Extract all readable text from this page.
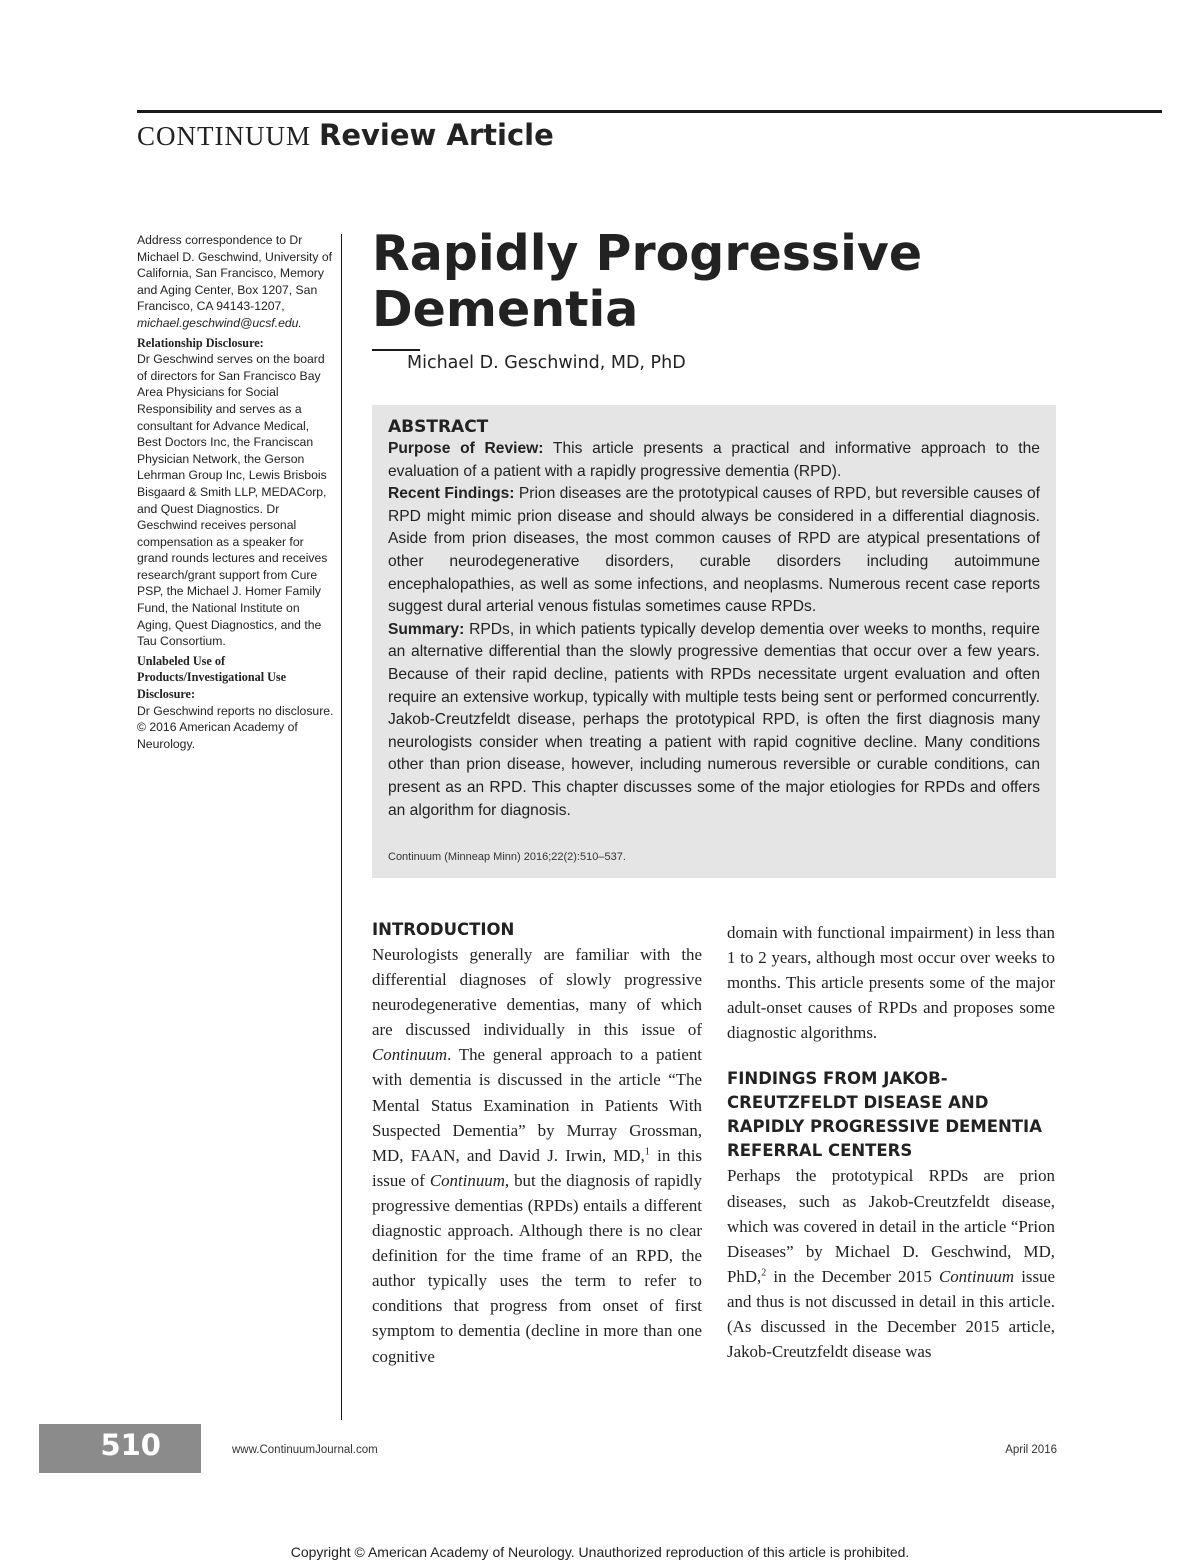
CONTINUUM Review Article

Address correspondence to Dr Michael D. Geschwind, University of California, San Francisco, Memory and Aging Center, Box 1207, San Francisco, CA 94143-1207, michael.geschwind@ucsf.edu.

Relationship Disclosure:

Dr Geschwind serves on the board of directors for San Francisco Bay Area Physicians for Social Responsibility and serves as a consultant for Advance Medical, Best Doctors Inc, the Franciscan Physician Network, the Gerson Lehrman Group Inc, Lewis Brisbois Bisgaard & Smith LLP, MEDACorp, and Quest Diagnostics. Dr Geschwind receives personal compensation as a speaker for grand rounds lectures and receives research/grant support from Cure PSP, the Michael J. Homer Family Fund, the National Institute on Aging, Quest Diagnostics, and the Tau Consortium.

Unlabeled Use of Products/Investigational Use Disclosure:

Dr Geschwind reports no disclosure.

© 2016 American Academy of Neurology.

Rapidly Progressive
Dementia
Michael D. Geschwind, MD, PhD

ABSTRACT

Purpose of Review: This article presents a practical and informative approach to the evaluation of a patient with a rapidly progressive dementia (RPD).

Recent Findings: Prion diseases are the prototypical causes of RPD, but reversible causes of RPD might mimic prion disease and should always be considered in a differential diagnosis. Aside from prion diseases, the most common causes of RPD are atypical presentations of other neurodegenerative disorders, curable disorders including autoimmune encephalopathies, as well as some infections, and neoplasms. Numerous recent case reports suggest dural arterial venous fistulas sometimes cause RPDs.

Summary: RPDs, in which patients typically develop dementia over weeks to months, require an alternative differential than the slowly progressive dementias that occur over a few years. Because of their rapid decline, patients with RPDs necessitate urgent evaluation and often require an extensive workup, typically with multiple tests being sent or performed concurrently. Jakob-Creutzfeldt disease, perhaps the prototypical RPD, is often the first diagnosis many neurologists consider when treating a patient with rapid cognitive decline. Many conditions other than prion disease, however, including numerous reversible or curable conditions, can present as an RPD. This chapter discusses some of the major etiologies for RPDs and offers an algorithm for diagnosis.

Continuum (Minneap Minn) 2016;22(2):510–537.

INTRODUCTION

Neurologists generally are familiar with the differential diagnoses of slowly progressive neurodegenerative dementias, many of which are discussed individually in this issue of Continuum. The general approach to a patient with dementia is discussed in the article “The Mental Status Examination in Patients With Suspected Dementia” by Murray Grossman, MD, FAAN, and David J. Irwin, MD,$^1$ in this issue of Continuum, but the diagnosis of rapidly progressive dementias (RPDs) entails a different diagnostic approach. Although there is no clear definition for the time frame of an RPD, the author typically uses the term to refer to conditions that progress from onset of first symptom to dementia (decline in more than one cognitive

domain with functional impairment) in less than 1 to 2 years, although most occur over weeks to months. This article presents some of the major adult-onset causes of RPDs and proposes some diagnostic algorithms.

FINDINGS FROM JAKOB-CREUTZFELDT DISEASE AND RAPIDLY PROGRESSIVE DEMENTIA REFERRAL CENTERS

Perhaps the prototypical RPDs are prion diseases, such as Jakob-Creutzfeldt disease, which was covered in detail in the article “Prion Diseases” by Michael D. Geschwind, MD, PhD,$^2$ in the December 2015 Continuum issue and thus is not discussed in detail in this article. (As discussed in the December 2015 article, Jakob-Creutzfeldt disease was

510	www.ContinuumJournal.com	April 2016
Copyright © American Academy of Neurology. Unauthorized reproduction of this article is prohibited.
